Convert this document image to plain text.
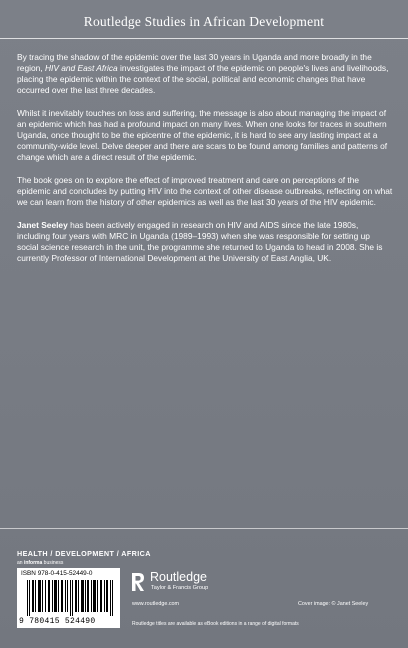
Routledge Studies in African Development

By tracing the shadow of the epidemic over the last 30 years in Uganda and more broadly in the region, HIV and East Africa investigates the impact of the epidemic on people's lives and livelihoods, placing the epidemic within the context of the social, political and economic changes that have occurred over the last three decades.

Whilst it inevitably touches on loss and suffering, the message is also about managing the impact of an epidemic which has had a profound impact on many lives. When one looks for traces in southern Uganda, once thought to be the epicentre of the epidemic, it is hard to see any lasting impact at a community-wide level. Delve deeper and there are scars to be found among families and patterns of change which are a direct result of the epidemic.

The book goes on to explore the effect of improved treatment and care on perceptions of the epidemic and concludes by putting HIV into the context of other disease outbreaks, reflecting on what we can learn from the history of other epidemics as well as the last 30 years of the HIV epidemic.

Janet Seeley has been actively engaged in research on HIV and AIDS since the late 1980s, including four years with MRC in Uganda (1989–1993) when she was responsible for setting up social science research in the unit, the programme she returned to Uganda to head in 2008. She is currently Professor of International Development at the University of East Anglia, UK.

HEALTH / DEVELOPMENT / AFRICA
an informa business
ISBN 978-0-415-52449-0
9 780415 524490
Routledge
Taylor & Francis Group
www.routledge.com	Cover image: © Janet Seeley
Routledge titles are available as eBook editions in a range of digital formats
